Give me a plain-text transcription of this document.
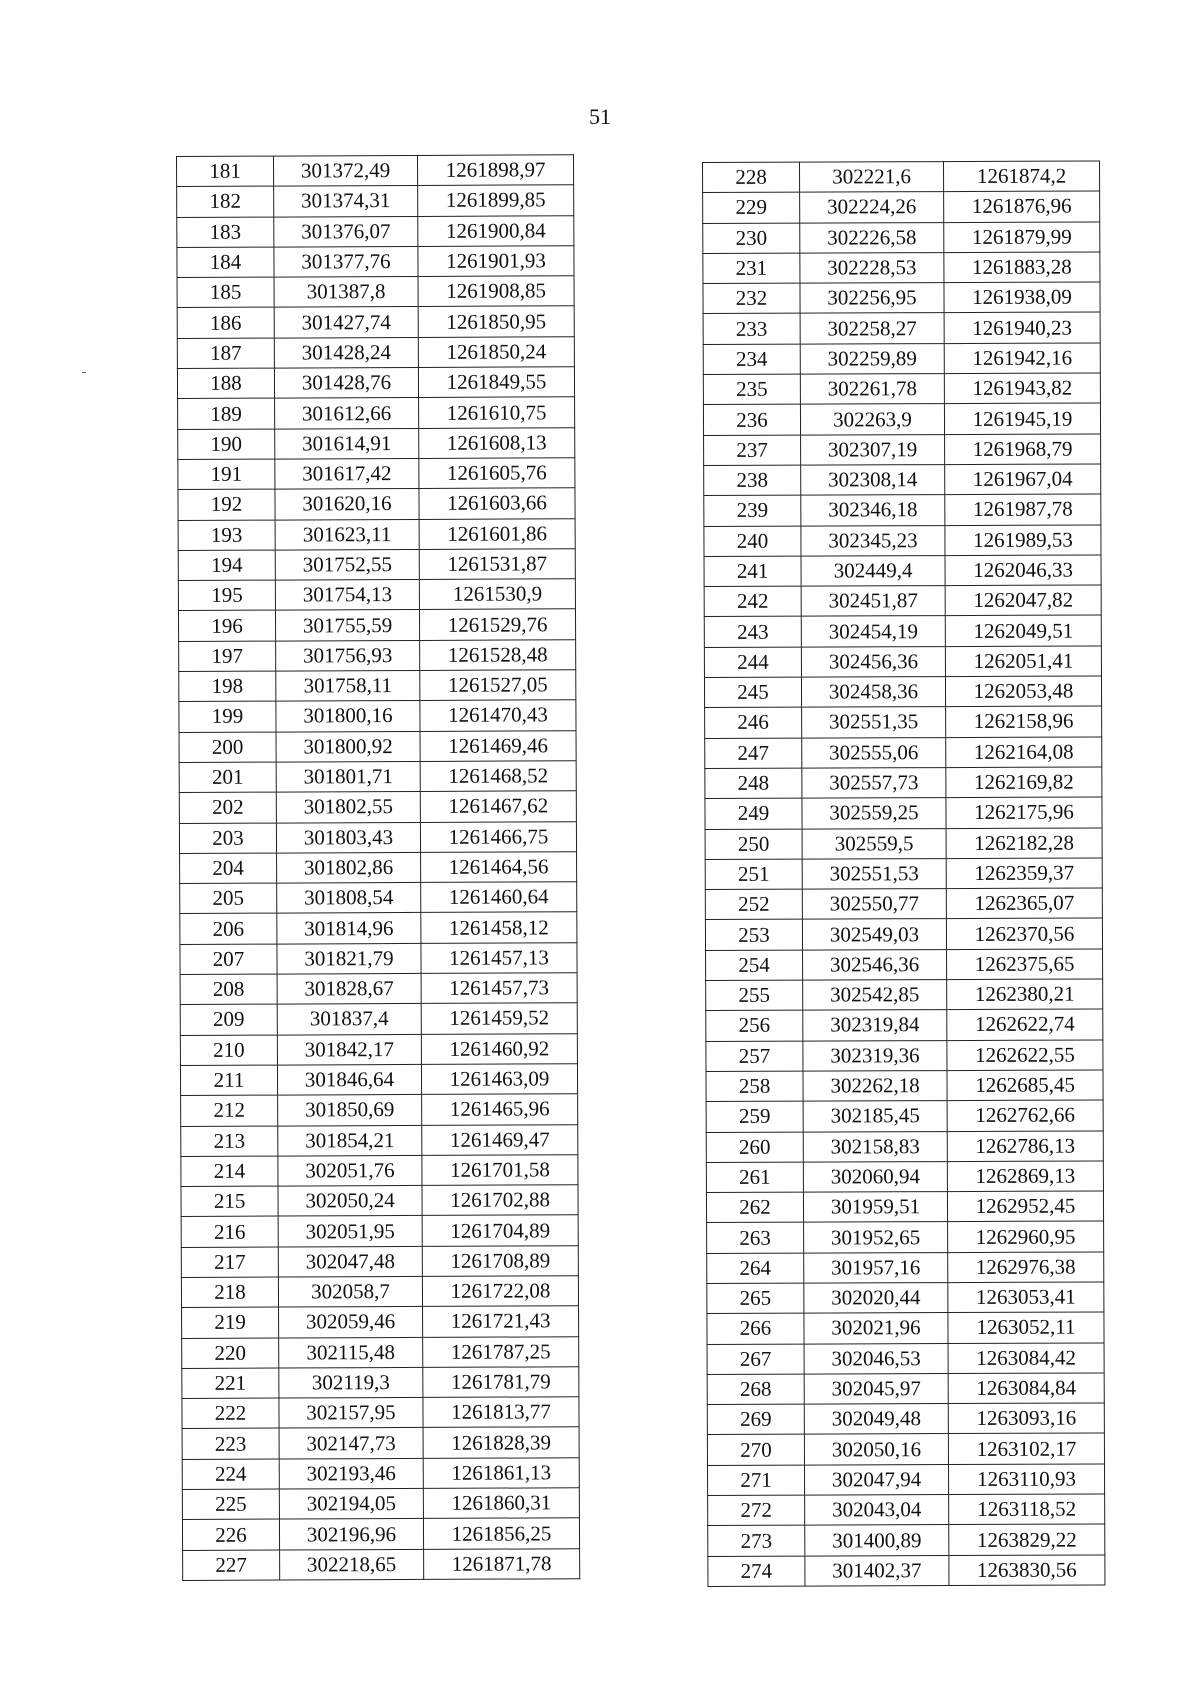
51
181	301372,49	1261898,97
182	301374,31	1261899,85
183	301376,07	1261900,84
184	301377,76	1261901,93
185	301387,8	1261908,85
186	301427,74	1261850,95
187	301428,24	1261850,24
188	301428,76	1261849,55
189	301612,66	1261610,75
190	301614,91	1261608,13
191	301617,42	1261605,76
192	301620,16	1261603,66
193	301623,11	1261601,86
194	301752,55	1261531,87
195	301754,13	1261530,9
196	301755,59	1261529,76
197	301756,93	1261528,48
198	301758,11	1261527,05
199	301800,16	1261470,43
200	301800,92	1261469,46
201	301801,71	1261468,52
202	301802,55	1261467,62
203	301803,43	1261466,75
204	301802,86	1261464,56
205	301808,54	1261460,64
206	301814,96	1261458,12
207	301821,79	1261457,13
208	301828,67	1261457,73
209	301837,4	1261459,52
210	301842,17	1261460,92
211	301846,64	1261463,09
212	301850,69	1261465,96
213	301854,21	1261469,47
214	302051,76	1261701,58
215	302050,24	1261702,88
216	302051,95	1261704,89
217	302047,48	1261708,89
218	302058,7	1261722,08
219	302059,46	1261721,43
220	302115,48	1261787,25
221	302119,3	1261781,79
222	302157,95	1261813,77
223	302147,73	1261828,39
224	302193,46	1261861,13
225	302194,05	1261860,31
226	302196,96	1261856,25
227	302218,65	1261871,78
228	302221,6	1261874,2
229	302224,26	1261876,96
230	302226,58	1261879,99
231	302228,53	1261883,28
232	302256,95	1261938,09
233	302258,27	1261940,23
234	302259,89	1261942,16
235	302261,78	1261943,82
236	302263,9	1261945,19
237	302307,19	1261968,79
238	302308,14	1261967,04
239	302346,18	1261987,78
240	302345,23	1261989,53
241	302449,4	1262046,33
242	302451,87	1262047,82
243	302454,19	1262049,51
244	302456,36	1262051,41
245	302458,36	1262053,48
246	302551,35	1262158,96
247	302555,06	1262164,08
248	302557,73	1262169,82
249	302559,25	1262175,96
250	302559,5	1262182,28
251	302551,53	1262359,37
252	302550,77	1262365,07
253	302549,03	1262370,56
254	302546,36	1262375,65
255	302542,85	1262380,21
256	302319,84	1262622,74
257	302319,36	1262622,55
258	302262,18	1262685,45
259	302185,45	1262762,66
260	302158,83	1262786,13
261	302060,94	1262869,13
262	301959,51	1262952,45
263	301952,65	1262960,95
264	301957,16	1262976,38
265	302020,44	1263053,41
266	302021,96	1263052,11
267	302046,53	1263084,42
268	302045,97	1263084,84
269	302049,48	1263093,16
270	302050,16	1263102,17
271	302047,94	1263110,93
272	302043,04	1263118,52
273	301400,89	1263829,22
274	301402,37	1263830,56
